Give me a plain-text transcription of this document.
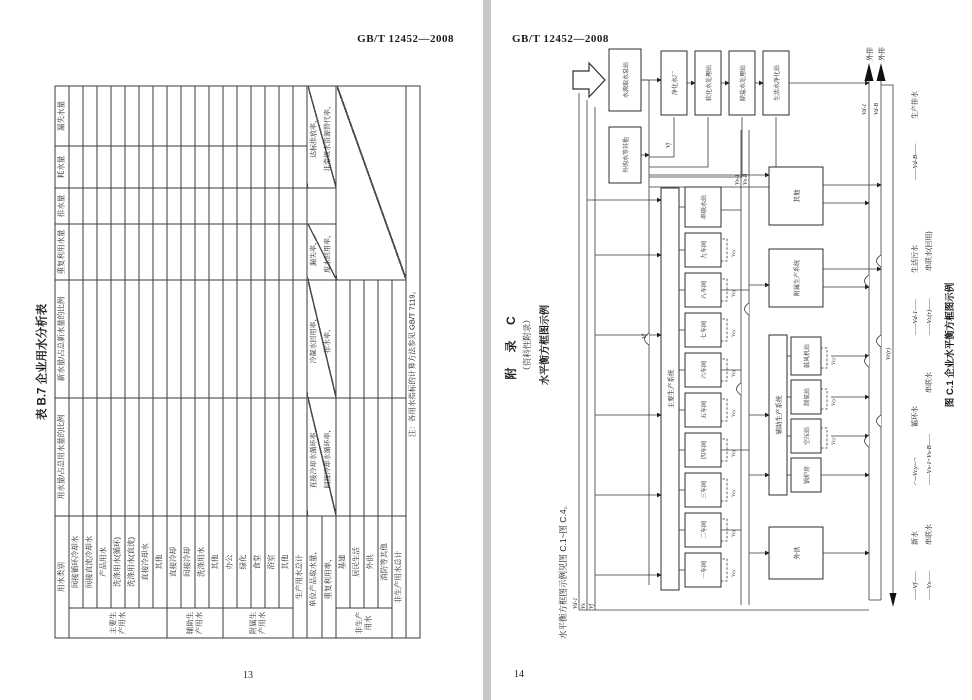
GB/T 12452—2008
表 B.7 企业用水分析表
用水类别		用水量/占总用水量的比例	新水量/占总新水量的比例	重复利用水量	排水量	耗水量	漏失水量
主要生产用水	间接循环冷却水						
	间接直流冷却水						
	产品用水						
	洗涤用水(循环)						
	洗涤用水(直流)						
	直接冷却水						
	其他						
辅助生产用水	直接冷却						
	间接冷却						
	洗涤用水						
	其他						
附属生产用水	办公						
	绿化						
	食堂						
	浴室						
	其他						
生产用水总计							
单位产品取水量，	
直接冷却水循环率，	间接冷却水循环率，

冷凝水回用率，	排水率，

漏失率，	废水回用率，

达标排放率，	非常规水资源替代率，

重复利用率，							
非生产用水	基建						
	居民生活						
	外供						
	消防等其他						
非生产用水总计							
注：各用水指标的计算方法参见 GB/T 7119。							
13
GB/T 12452—2008
附 录 C （资料性附录） 水平衡方框图示例
水平衡方框图示例见图 C.1~图 C.4。
水源取水泵站
外购水等其他
净化水厂	软化水处理站	除盐水处理站	生活水净化站
主要生产系统
一车间
二车间
三车间
四车间
五车间
六车间
七车间
八车间
九车间
串联水站
Vcy
Vcy
Vcy
Vcy
Vcy
Vcy
Vcy
Vcy
Vcy
Vcy
Vcy
Vcy
辅助生产系统
锅炉房
空压站
制氧站
鼓风机站
附属生产系统
其他
外供
外排 外排
Vd-1 Vs Vf
Vf
Vf
Vs-1 Vs-B
Vd-1 Vd-B
Vc(r)
——Vf——
新水
——Vs——
串联水
⌐─Vcy─¬
循环水
——Vs-1~Vs-B——
串联水
——Vd-1——
生活污水
——Vc(r)——
串联水(回用)
——Vd-B——
生产排水
图 C.1 企业水平衡方框图示例
14
